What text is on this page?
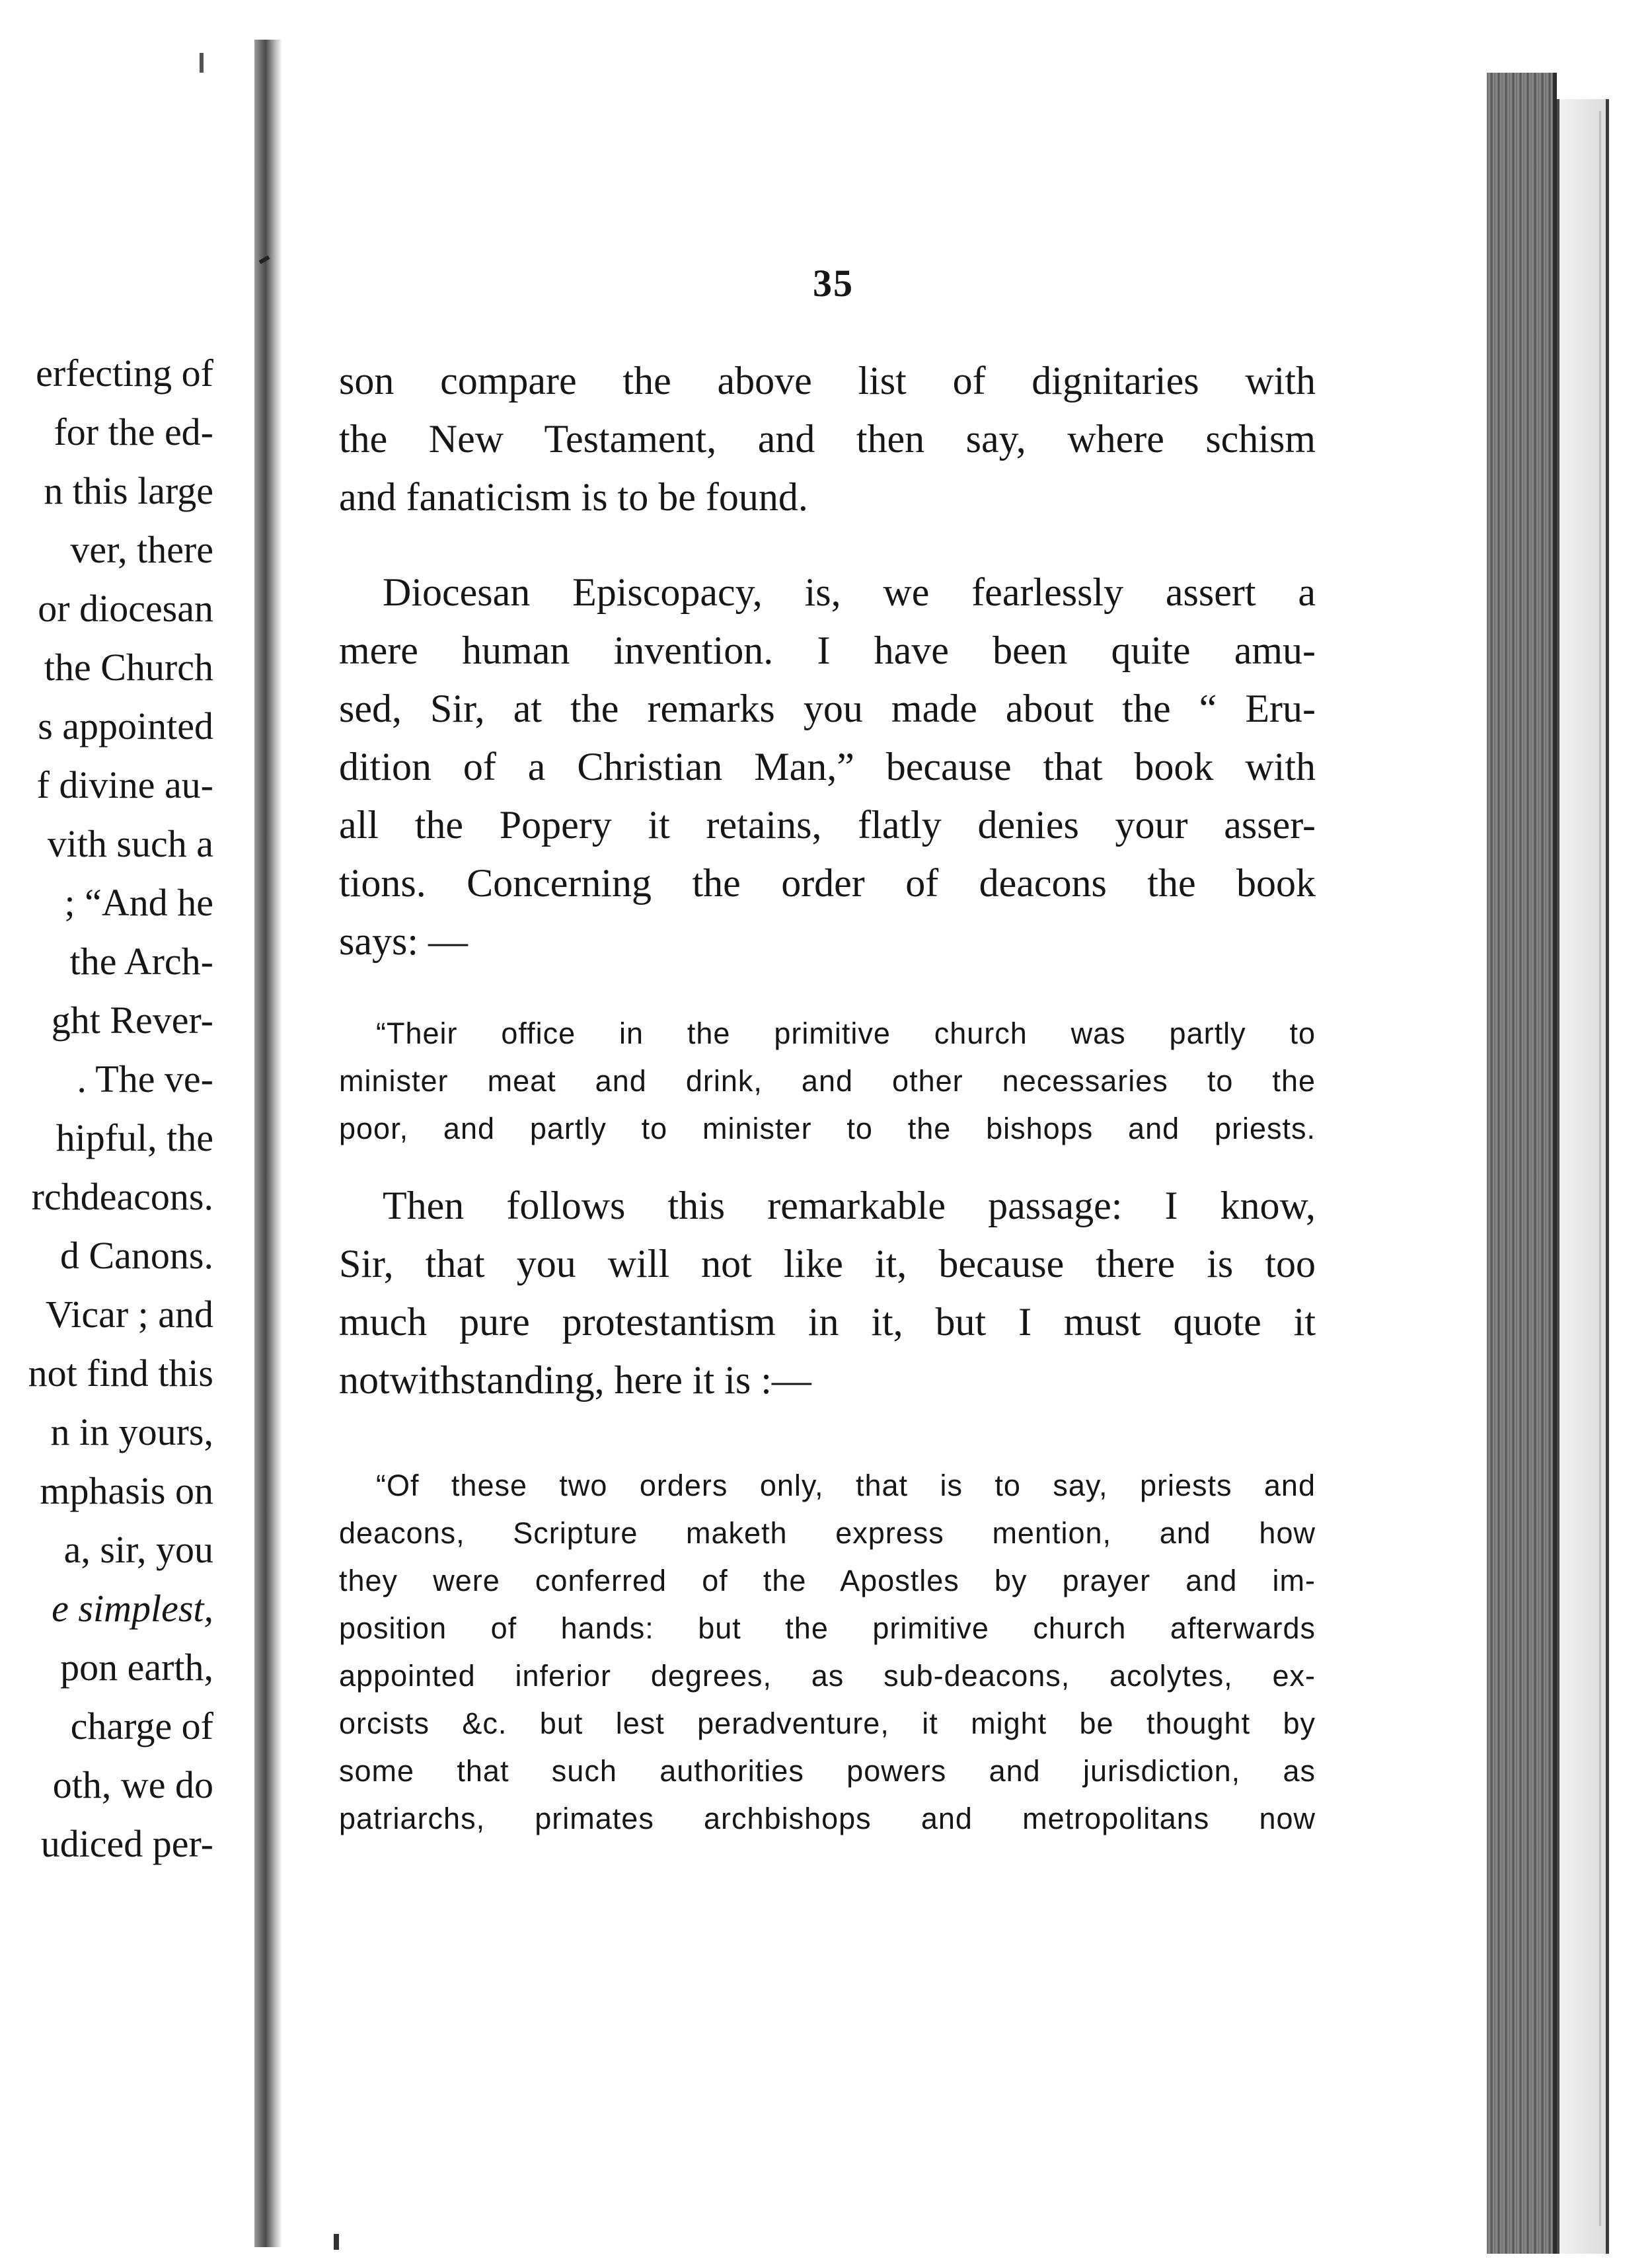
erfecting of
for the ed-
n this large
ver, there
or diocesan
the Church
s appointed
f divine au-
vith such a
; “And he
the Arch-
ght Rever-
. The ve-
hipful, the
rchdeacons.
d Canons.
Vicar ; and
not find this
n in yours,
mphasis on
a, sir, you
e simplest,
pon earth,
charge of
oth, we do
udiced per-
35
son compare the above list of dignitaries with
the New Testament, and then say, where schism
and fanaticism is to be found.
Diocesan Episcopacy, is, we fearlessly assert a
mere human invention. I have been quite amu-
sed, Sir, at the remarks you made about the “ Eru-
dition of a Christian Man,” because that book with
all the Popery it retains, flatly denies your asser-
tions. Concerning the order of deacons the book
says: —
“Their office in the primitive church was partly to
minister meat and drink, and other necessaries to the
poor, and partly to minister to the bishops and priests.
Then follows this remarkable passage: I know,
Sir, that you will not like it, because there is too
much pure protestantism in it, but I must quote it
notwithstanding, here it is :—
“Of these two orders only, that is to say, priests and
deacons, Scripture maketh express mention, and how
they were conferred of the Apostles by prayer and im-
position of hands: but the primitive church afterwards
appointed inferior degrees, as sub-deacons, acolytes, ex-
orcists &c. but lest peradventure, it might be thought by
some that such authorities powers and jurisdiction, as
patriarchs, primates archbishops and metropolitans now
